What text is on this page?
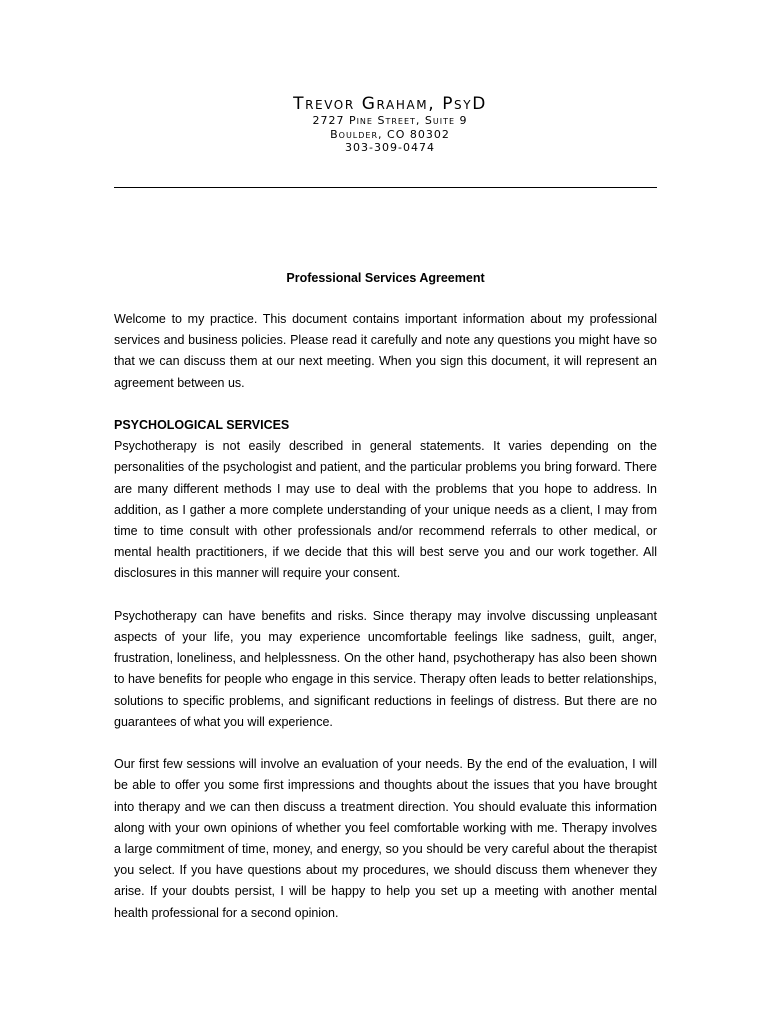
Trevor Graham, PsyD
2727 Pine Street, Suite 9
Boulder, CO 80302
303-309-0474
Professional Services Agreement

Welcome to my practice. This document contains important information about my professional services and business policies. Please read it carefully and note any questions you might have so that we can discuss them at our next meeting. When you sign this document, it will represent an agreement between us.

PSYCHOLOGICAL SERVICES

Psychotherapy is not easily described in general statements. It varies depending on the personalities of the psychologist and patient, and the particular problems you bring forward. There are many different methods I may use to deal with the problems that you hope to address. In addition, as I gather a more complete understanding of your unique needs as a client, I may from time to time consult with other professionals and/or recommend referrals to other medical, or mental health practitioners, if we decide that this will best serve you and our work together. All disclosures in this manner will require your consent.

Psychotherapy can have benefits and risks. Since therapy may involve discussing unpleasant aspects of your life, you may experience uncomfortable feelings like sadness, guilt, anger, frustration, loneliness, and helplessness. On the other hand, psychotherapy has also been shown to have benefits for people who engage in this service. Therapy often leads to better relationships, solutions to specific problems, and significant reductions in feelings of distress. But there are no guarantees of what you will experience.

Our first few sessions will involve an evaluation of your needs. By the end of the evaluation, I will be able to offer you some first impressions and thoughts about the issues that you have brought into therapy and we can then discuss a treatment direction. You should evaluate this information along with your own opinions of whether you feel comfortable working with me. Therapy involves a large commitment of time, money, and energy, so you should be very careful about the therapist you select. If you have questions about my procedures, we should discuss them whenever they arise. If your doubts persist, I will be happy to help you set up a meeting with another mental health professional for a second opinion.
